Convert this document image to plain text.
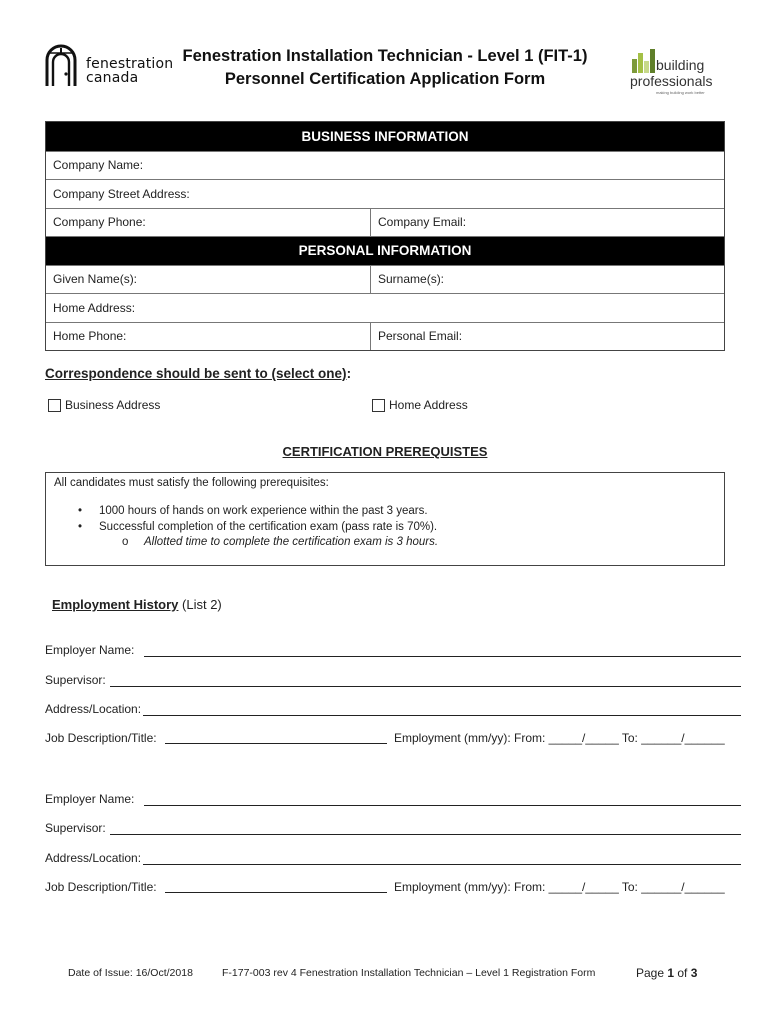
fenestration
canada
Fenestration Installation Technician - Level 1 (FIT-1)
Personnel Certification Application Form
building
professionals
making building work better
BUSINESS INFORMATION
Company Name:
Company Street Address:
Company Phone:	Company Email:
PERSONAL INFORMATION
Given Name(s):	Surname(s):
Home Address:
Home Phone:	Personal Email:
Correspondence should be sent to (select one):
Business Address	Home Address
CERTIFICATION PREREQUISTES
All candidates must satisfy the following prerequisites:
• 1000 hours of hands on work experience within the past 3 years.
• Successful completion of the certification exam (pass rate is 70%).
o Allotted time to complete the certification exam is 3 hours.
Employment History (List 2)
Employer Name:
Supervisor:
Address/Location:
Job Description/Title:	Employment (mm/yy): From: _____/_____ To: ______/______
Employer Name:
Supervisor:
Address/Location:
Job Description/Title:	Employment (mm/yy): From: _____/_____ To: ______/______
Date of Issue: 16/Oct/2018	F-177-003 rev 4 Fenestration Installation Technician – Level 1 Registration Form	Page 1 of 3
